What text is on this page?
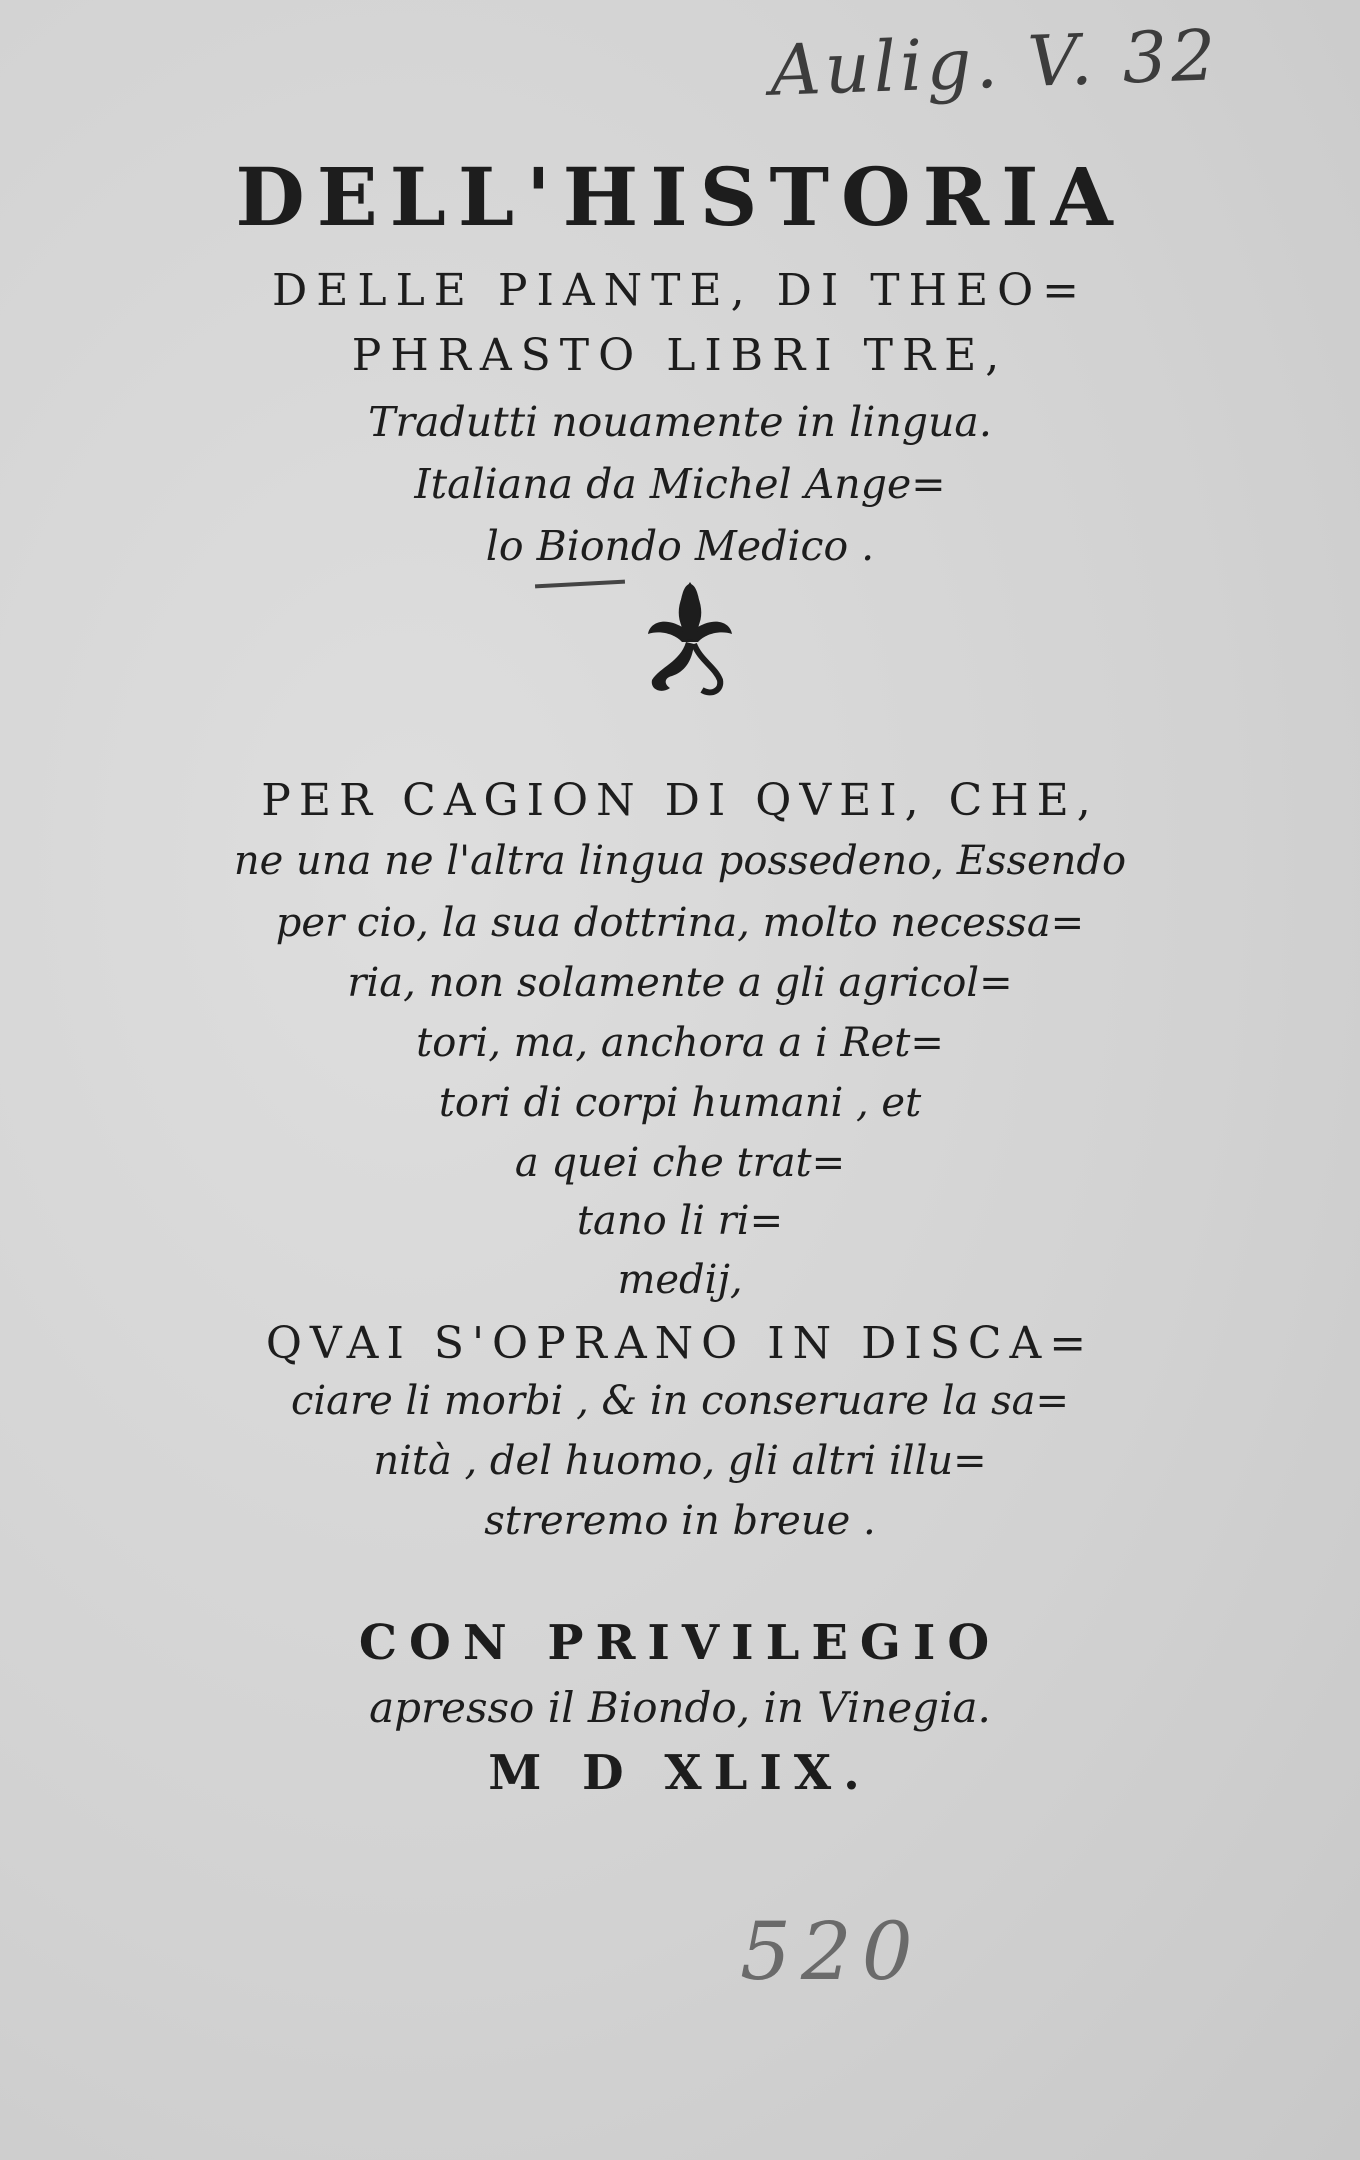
Aulig. V. 32
DELL'HISTORIA
DELLE PIANTE, DI THEO=
PHRASTO LIBRI TRE,
Tradutti nouamente in lingua.
Italiana da Michel Ange=
lo Biondo Medico .
PER CAGION DI QVEI, CHE,
ne una ne l'altra lingua possedeno, Essendo
per cio, la sua dottrina, molto necessa=
ria, non solamente a gli agricol=
tori, ma, anchora a i Ret=
tori di corpi humani , et
a quei che trat=
tano li ri=
medij,
QVAI S'OPRANO IN DISCA=
ciare li morbi , & in conseruare la sa=
nità , del huomo, gli altri illu=
streremo in breue .
CON PRIVILEGIO
apresso il Biondo, in Vinegia.
M D XLIX.
520
